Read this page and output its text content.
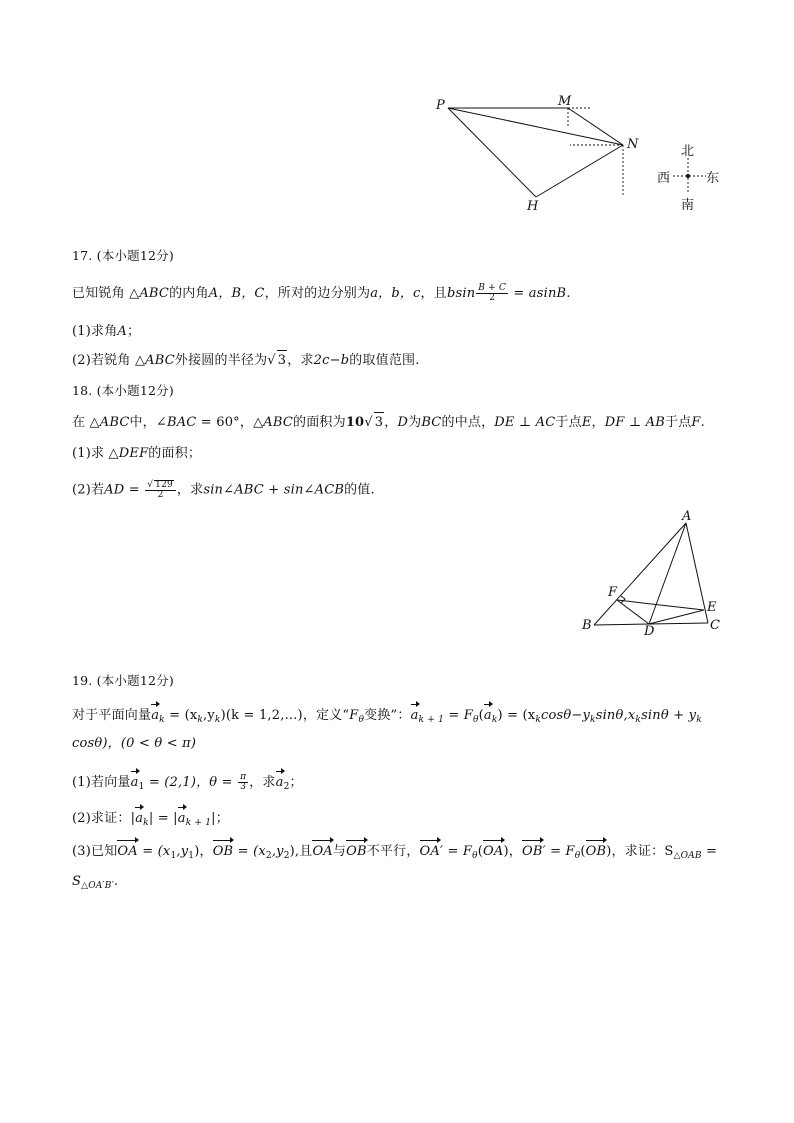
P	M
N
H
北
南
西	东
17. (本小题12分)
已知锐角 △ABC的内角A，B，C，所对的边分别为a，b，c，且bsin $\frac{B + C}{2} = asinB$.
(1)求角A；
(2)若锐角 △ABC外接圆的半径为√ 3，求2c−b的取值范围.
18. (本小题12分)
在 △ABC中，∠BAC = 60°，△ABC的面积为10√ 3，D为BC的中点，DE ⊥ AC于点E，DF ⊥ AB于点F.
(1)求 △DEF的面积；
(2)若AD = $\frac{√ 129}{2}$ ，求sin∠ABC + sin∠ACB的值.
A
B	C
D
E
F
19. (本小题12分)
对于平面向量$a_k = (x_k,y_k)(k = 1,2,...)$，定义“$F_\theta$变换”：$a_{k + 1} = F_\theta(a_k) = (x_k\cos\theta-y_k\sin\theta,x_k\sin\theta + y_k$
cosθ)，(0 < θ < π)
(1)若向量$a_1 = (2,1)$，$\theta = \frac{\pi}{3}$ ，求$a_2$；
(2)求证：$|a_k| = |a_{k + 1}|$；
(3)已知OA = $(x_1,y_1)$，OB = $(x_2,y_2)$,且OA与OB不平行，$OA' = F_\theta(OA)$，$OB' = F_\theta(OB)$，求证：$S_{\triangle OAB}$ =
$S_{\triangle OA'B'}$.
